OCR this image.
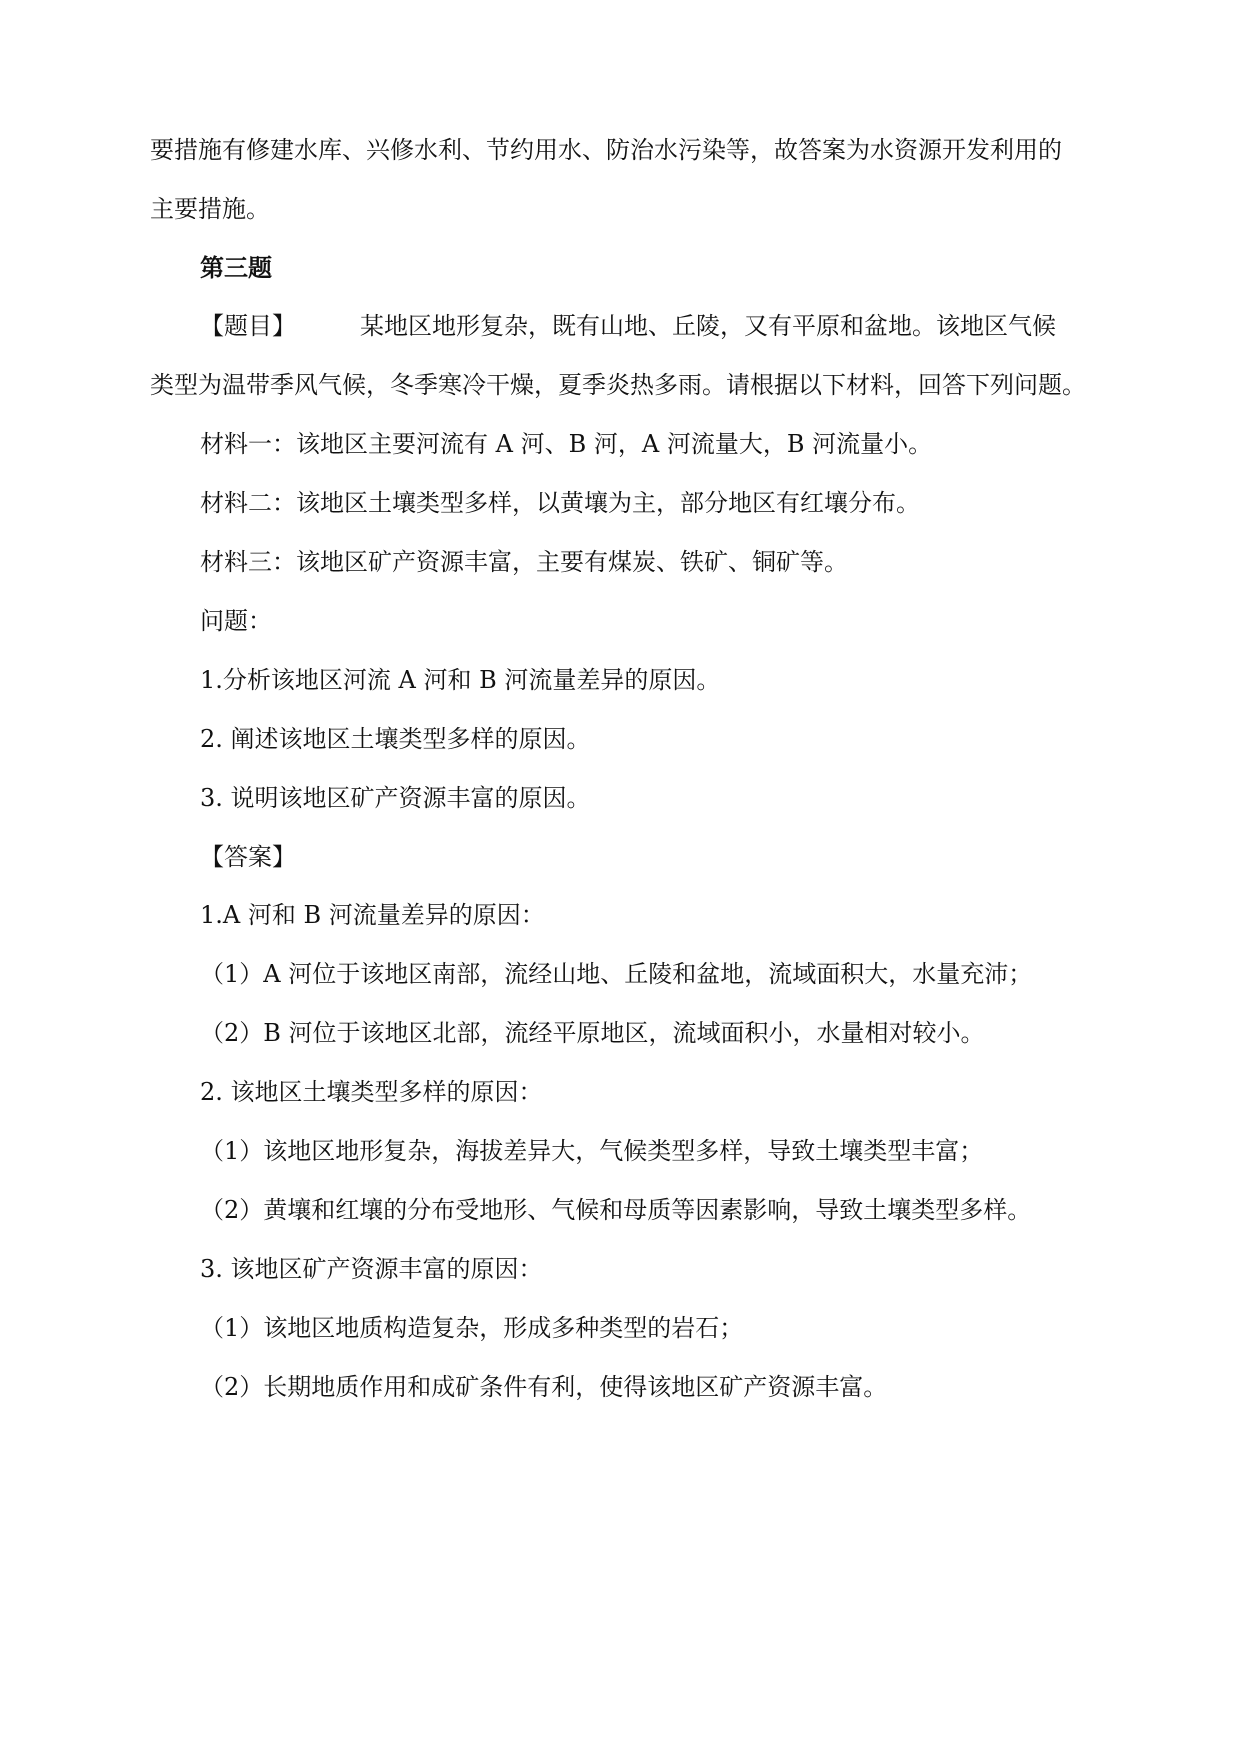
要措施有修建水库、兴修水利、节约用水、防治水污染等，故答案为水资源开发利用的
主要措施。
第三题
【题目】	某地区地形复杂，既有山地、丘陵，又有平原和盆地。该地区气候
类型为温带季风气候，冬季寒冷干燥，夏季炎热多雨。请根据以下材料，回答下列问题。
材料一：该地区主要河流有 A 河、B 河，A 河流量大，B 河流量小。
材料二：该地区土壤类型多样，以黄壤为主，部分地区有红壤分布。
材料三：该地区矿产资源丰富，主要有煤炭、铁矿、铜矿等。
问题：
1.分析该地区河流 A 河和 B 河流量差异的原因。
2. 阐述该地区土壤类型多样的原因。
3. 说明该地区矿产资源丰富的原因。
【答案】
1.A 河和 B 河流量差异的原因：
（1）A 河位于该地区南部，流经山地、丘陵和盆地，流域面积大，水量充沛；
（2）B 河位于该地区北部，流经平原地区，流域面积小，水量相对较小。
2. 该地区土壤类型多样的原因：
（1）该地区地形复杂，海拔差异大，气候类型多样，导致土壤类型丰富；
（2）黄壤和红壤的分布受地形、气候和母质等因素影响，导致土壤类型多样。
3. 该地区矿产资源丰富的原因：
（1）该地区地质构造复杂，形成多种类型的岩石；
（2）长期地质作用和成矿条件有利，使得该地区矿产资源丰富。
